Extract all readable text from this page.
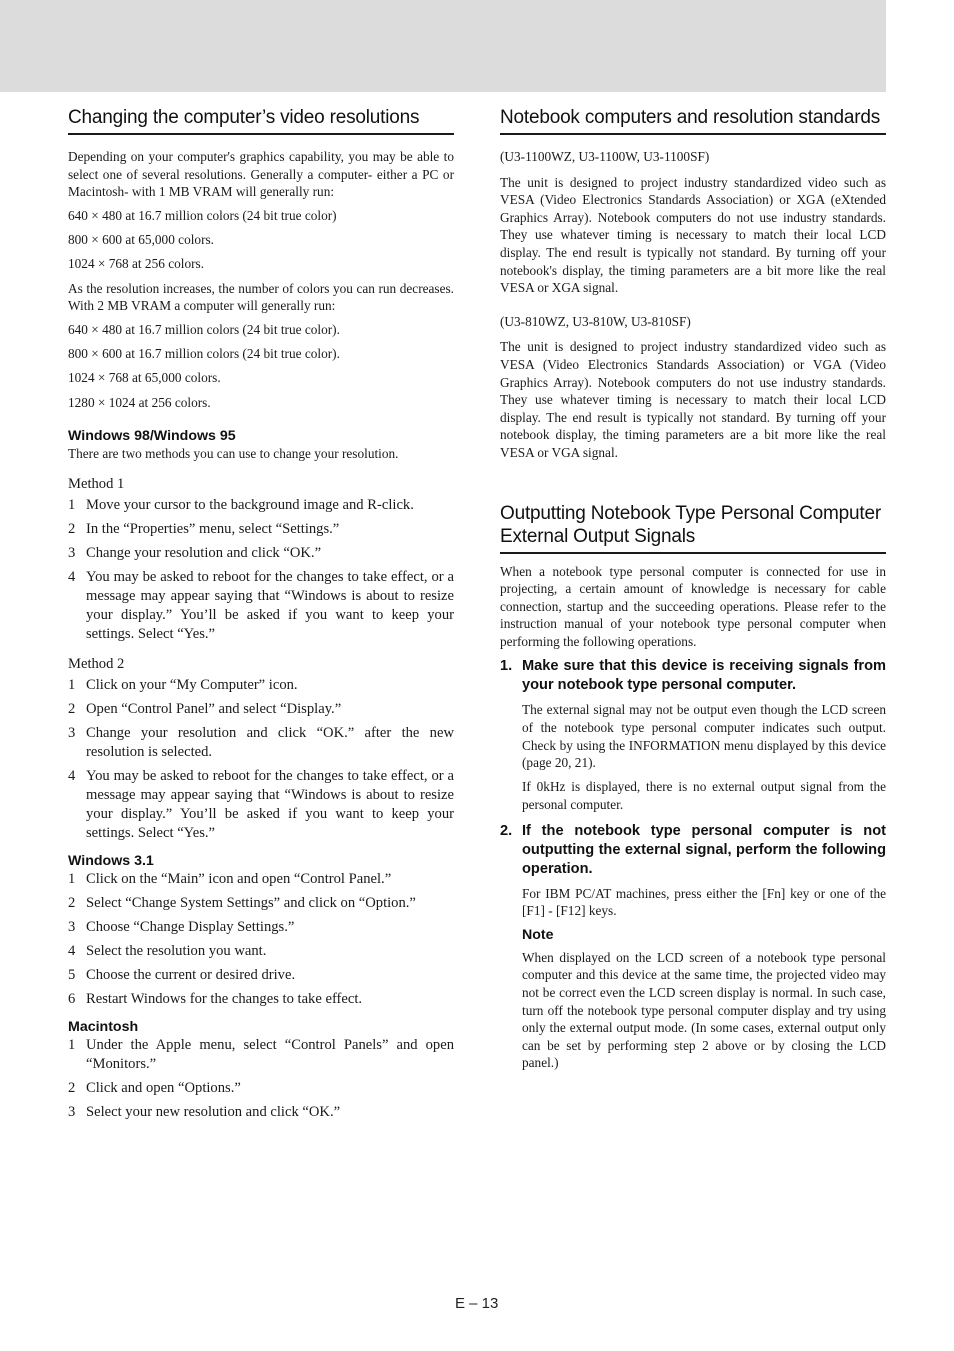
Changing the computer’s video resolutions

Depending on your computer's graphics capability, you may be able to select one of several resolutions. Generally a computer- either a PC or Macintosh- with 1 MB VRAM will generally run:

640 × 480 at 16.7 million colors (24 bit true color)

800 × 600 at 65,000 colors.

1024 × 768 at 256 colors.

As the resolution increases, the number of colors you can run decreases. With 2 MB VRAM a computer will generally run:

640 × 480 at 16.7 million colors (24 bit true color).

800 × 600 at 16.7 million colors (24 bit true color).

1024 × 768 at 65,000 colors.

1280 × 1024 at 256 colors.

Windows 98/Windows 95

There are two methods you can use to change your resolution.

Method 1
1 Move your cursor to the background image and R-click.
2 In the “Properties” menu, select “Settings.”
3 Change your resolution and click “OK.”
4 You may be asked to reboot for the changes to take effect, or a message may appear saying that “Windows is about to resize your display.” You’ll be asked if you want to keep your settings. Select “Yes.”
Method 2
1 Click on your “My Computer” icon.
2 Open “Control Panel” and select “Display.”
3 Change your resolution and click “OK.” after the new resolution is selected.
4 You may be asked to reboot for the changes to take effect, or a message may appear saying that “Windows is about to resize your display.” You’ll be asked if you want to keep your settings. Select “Yes.”
Windows 3.1
1 Click on the “Main” icon and open “Control Panel.”
2 Select “Change System Settings” and click on “Option.”
3 Choose “Change Display Settings.”
4 Select the resolution you want.
5 Choose the current or desired drive.
6 Restart Windows for the changes to take effect.
Macintosh
1 Under the Apple menu, select “Control Panels” and open “Monitors.”
2 Click and open “Options.”
3 Select your new resolution and click “OK.”
Notebook computers and resolution standards

(U3-1100WZ, U3-1100W, U3-1100SF)

The unit is designed to project industry standardized video such as VESA (Video Electronics Standards Association) or XGA (eXtended Graphics Array). Notebook computers do not use industry standards. They use whatever timing is necessary to match their local LCD display. The end result is typically not standard. By turning off your notebook's display, the timing parameters are a bit more like the real VESA or XGA signal.

(U3-810WZ, U3-810W, U3-810SF)

The unit is designed to project industry standardized video such as VESA (Video Electronics Standards Association) or VGA (Video Graphics Array). Notebook computers do not use industry standards. They use whatever timing is necessary to match their local LCD display. The end result is typically not standard. By turning off your notebook display, the timing parameters are a bit more like the real VESA or VGA signal.

Outputting Notebook Type Personal Computer External Output Signals

When a notebook type personal computer is connected for use in projecting, a certain amount of knowledge is necessary for cable connection, startup and the succeeding operations. Please refer to the instruction manual of your notebook type personal computer when performing the following operations.

1. Make sure that this device is receiving signals from your notebook type personal computer.

The external signal may not be output even though the LCD screen of the notebook type personal computer indicates such output. Check by using the INFORMATION menu displayed by this device (page 20, 21).

If 0kHz is displayed, there is no external output signal from the personal computer.

2. If the notebook type personal computer is not outputting the external signal, perform the following operation.

For IBM PC/AT machines, press either the [Fn] key or one of the [F1] - [F12] keys.

Note

When displayed on the LCD screen of a notebook type personal computer and this device at the same time, the projected video may not be correct even the LCD screen display is normal. In such case, turn off the notebook type personal computer display and try using only the external output mode. (In some cases, external output only can be set by performing step 2 above or by closing the LCD panel.)

E – 13
